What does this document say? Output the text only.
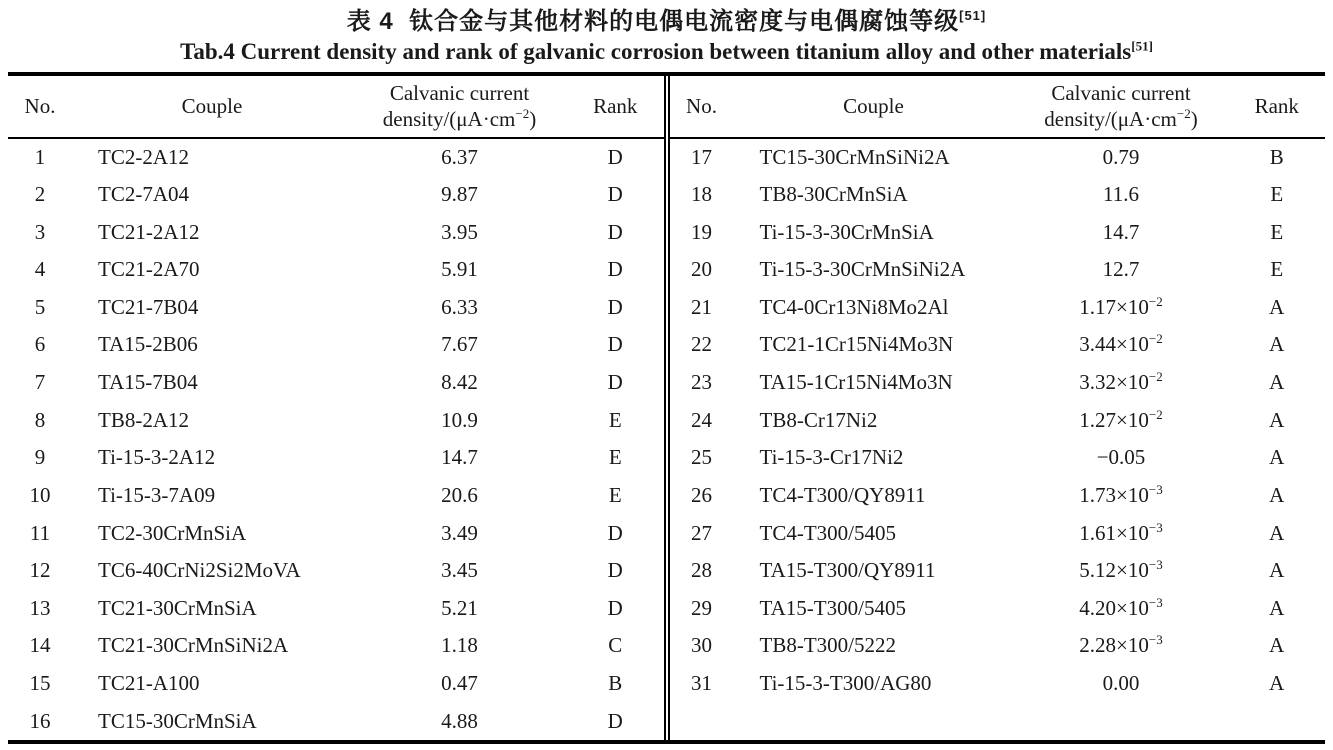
表 4  钛合金与其他材料的电偶电流密度与电偶腐蚀等级[51]
Tab.4 Current density and rank of galvanic corrosion between titanium alloy and other materials[51]
No.	Couple	Calvanic current
density/$(\mu A\cdot cm^{-2})$	Rank
1	TC2-2A12	6.37	D
2	TC2-7A04	9.87	D
3	TC21-2A12	3.95	D
4	TC21-2A70	5.91	D
5	TC21-7B04	6.33	D
6	TA15-2B06	7.67	D
7	TA15-7B04	8.42	D
8	TB8-2A12	10.9	E
9	Ti-15-3-2A12	14.7	E
10	Ti-15-3-7A09	20.6	E
11	TC2-30CrMnSiA	3.49	D
12	TC6-40CrNi2Si2MoVA	3.45	D
13	TC21-30CrMnSiA	5.21	D
14	TC21-30CrMnSiNi2A	1.18	C
15	TC21-A100	0.47	B
16	TC15-30CrMnSiA	4.88	D
No.	Couple	Calvanic current
density/$(\mu A\cdot cm^{-2})$	Rank
17	TC15-30CrMnSiNi2A	0.79	B
18	TB8-30CrMnSiA	11.6	E
19	Ti-15-3-30CrMnSiA	14.7	E
20	Ti-15-3-30CrMnSiNi2A	12.7	E
21	TC4-0Cr13Ni8Mo2Al	$1.17\times 10^{-2}$	A
22	TC21-1Cr15Ni4Mo3N	$3.44\times 10^{-2}$	A
23	TA15-1Cr15Ni4Mo3N	$3.32\times 10^{-2}$	A
24	TB8-Cr17Ni2	$1.27\times 10^{-2}$	A
25	Ti-15-3-Cr17Ni2	−0.05	A
26	TC4-T300/QY8911	$1.73\times 10^{-3}$	A
27	TC4-T300/5405	$1.61\times 10^{-3}$	A
28	TA15-T300/QY8911	$5.12\times 10^{-3}$	A
29	TA15-T300/5405	$4.20\times 10^{-3}$	A
30	TB8-T300/5222	$2.28\times 10^{-3}$	A
31	Ti-15-3-T300/AG80	0.00	A
